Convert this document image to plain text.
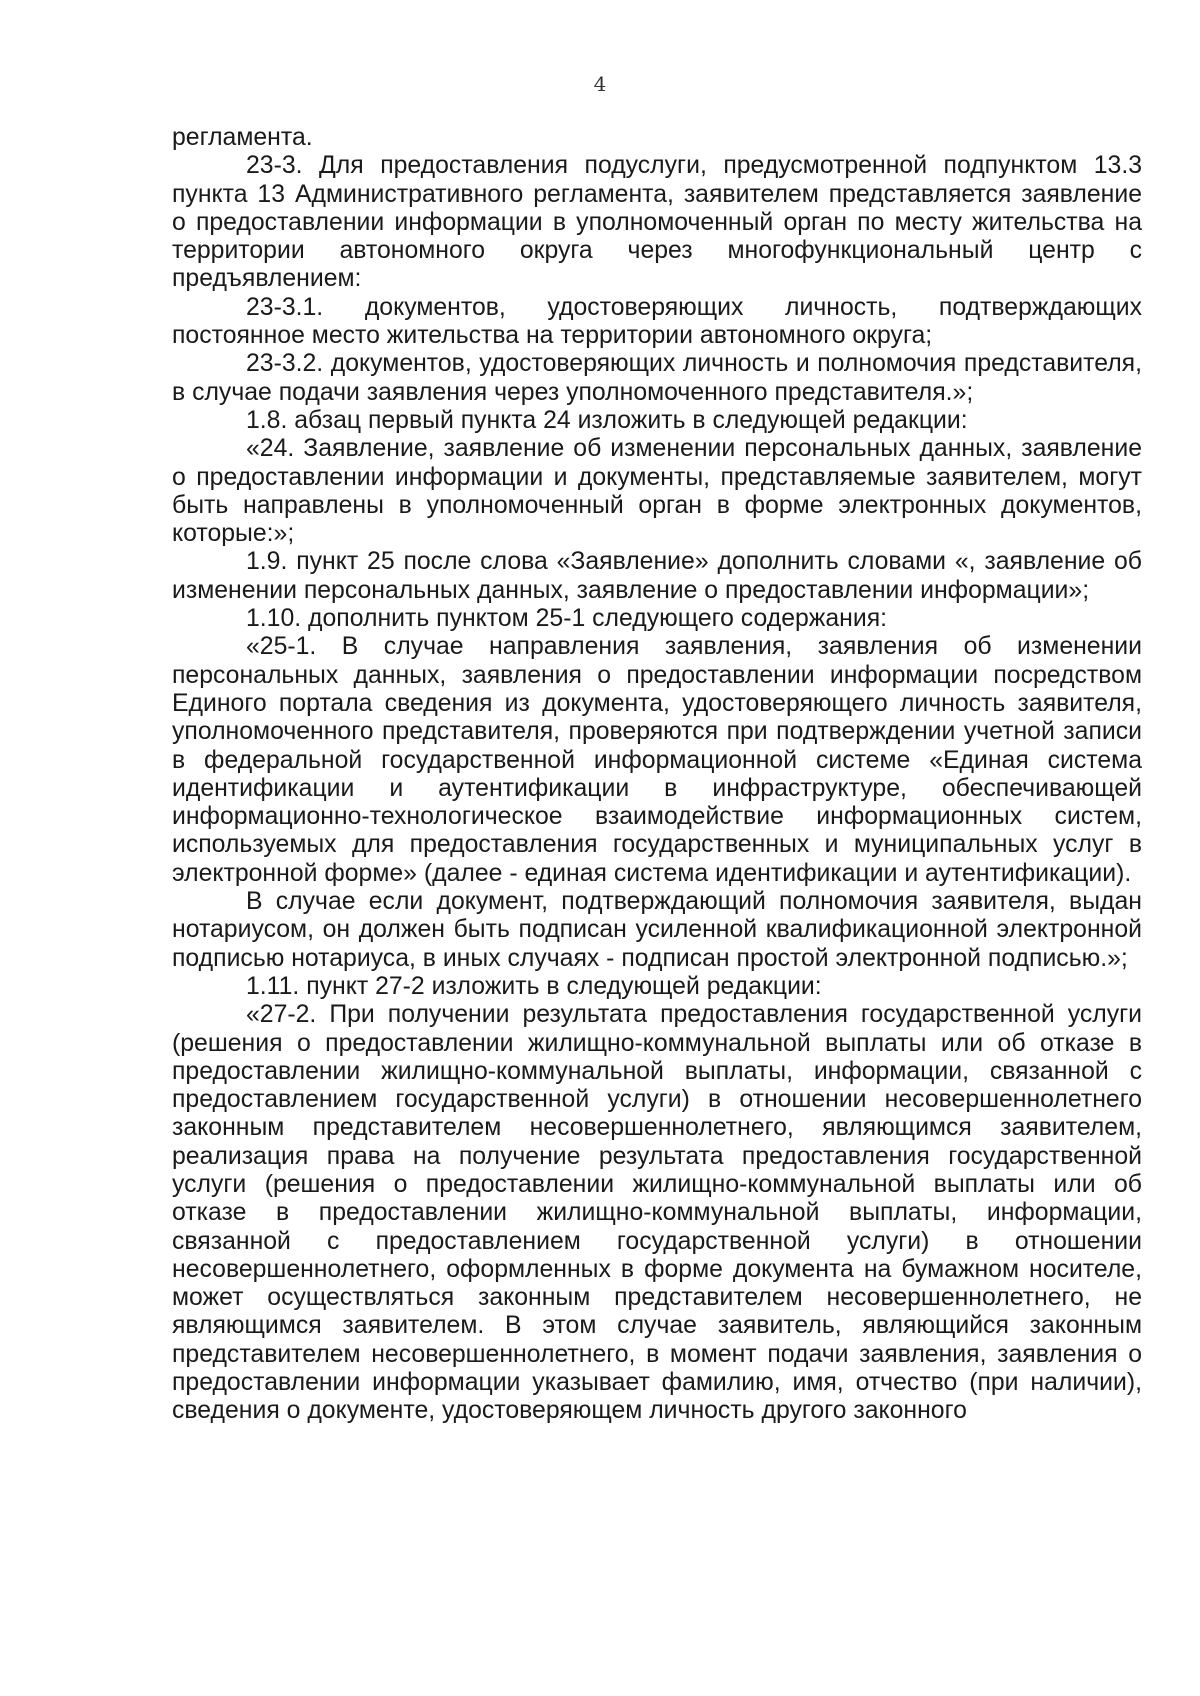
4

регламента.

23-3. Для предоставления подуслуги, предусмотренной подпунктом 13.3 пункта 13 Административного регламента, заявителем представляется заявление о предоставлении информации в уполномоченный орган по месту жительства на территории автономного округа через многофункциональный центр с предъявлением:

23-3.1. документов, удостоверяющих личность, подтверждающих постоянное место жительства на территории автономного округа;

23-3.2. документов, удостоверяющих личность и полномочия представителя, в случае подачи заявления через уполномоченного представителя.»;

1.8. абзац первый пункта 24 изложить в следующей редакции:

«24. Заявление, заявление об изменении персональных данных, заявление о предоставлении информации и документы, представляемые заявителем, могут быть направлены в уполномоченный орган в форме электронных документов, которые:»;

1.9. пункт 25 после слова «Заявление» дополнить словами «, заявление об изменении персональных данных, заявление о предоставлении информации»;

1.10. дополнить пунктом 25-1 следующего содержания:

«25-1. В случае направления заявления, заявления об изменении персональных данных, заявления о предоставлении информации посредством Единого портала сведения из документа, удостоверяющего личность заявителя, уполномоченного представителя, проверяются при подтверждении учетной записи в федеральной государственной информационной системе «Единая система идентификации и аутентификации в инфраструктуре, обеспечивающей информационно-технологическое взаимодействие информационных систем, используемых для предоставления государственных и муниципальных услуг в электронной форме» (далее - единая система идентификации и аутентификации).

В случае если документ, подтверждающий полномочия заявителя, выдан нотариусом, он должен быть подписан усиленной квалификационной электронной подписью нотариуса, в иных случаях - подписан простой электронной подписью.»;

1.11. пункт 27-2 изложить в следующей редакции:

«27-2. При получении результата предоставления государственной услуги (решения о предоставлении жилищно-коммунальной выплаты или об отказе в предоставлении жилищно-коммунальной выплаты, информации, связанной с предоставлением государственной услуги) в отношении несовершеннолетнего законным представителем несовершеннолетнего, являющимся заявителем, реализация права на получение результата предоставления государственной услуги (решения о предоставлении жилищно-коммунальной выплаты или об отказе в предоставлении жилищно-коммунальной выплаты, информации, связанной с предоставлением государственной услуги) в отношении несовершеннолетнего, оформленных в форме документа на бумажном носителе, может осуществляться законным представителем несовершеннолетнего, не являющимся заявителем. В этом случае заявитель, являющийся законным представителем несовершеннолетнего, в момент подачи заявления, заявления о предоставлении информации указывает фамилию, имя, отчество (при наличии), сведения о документе, удостоверяющем личность другого законного
